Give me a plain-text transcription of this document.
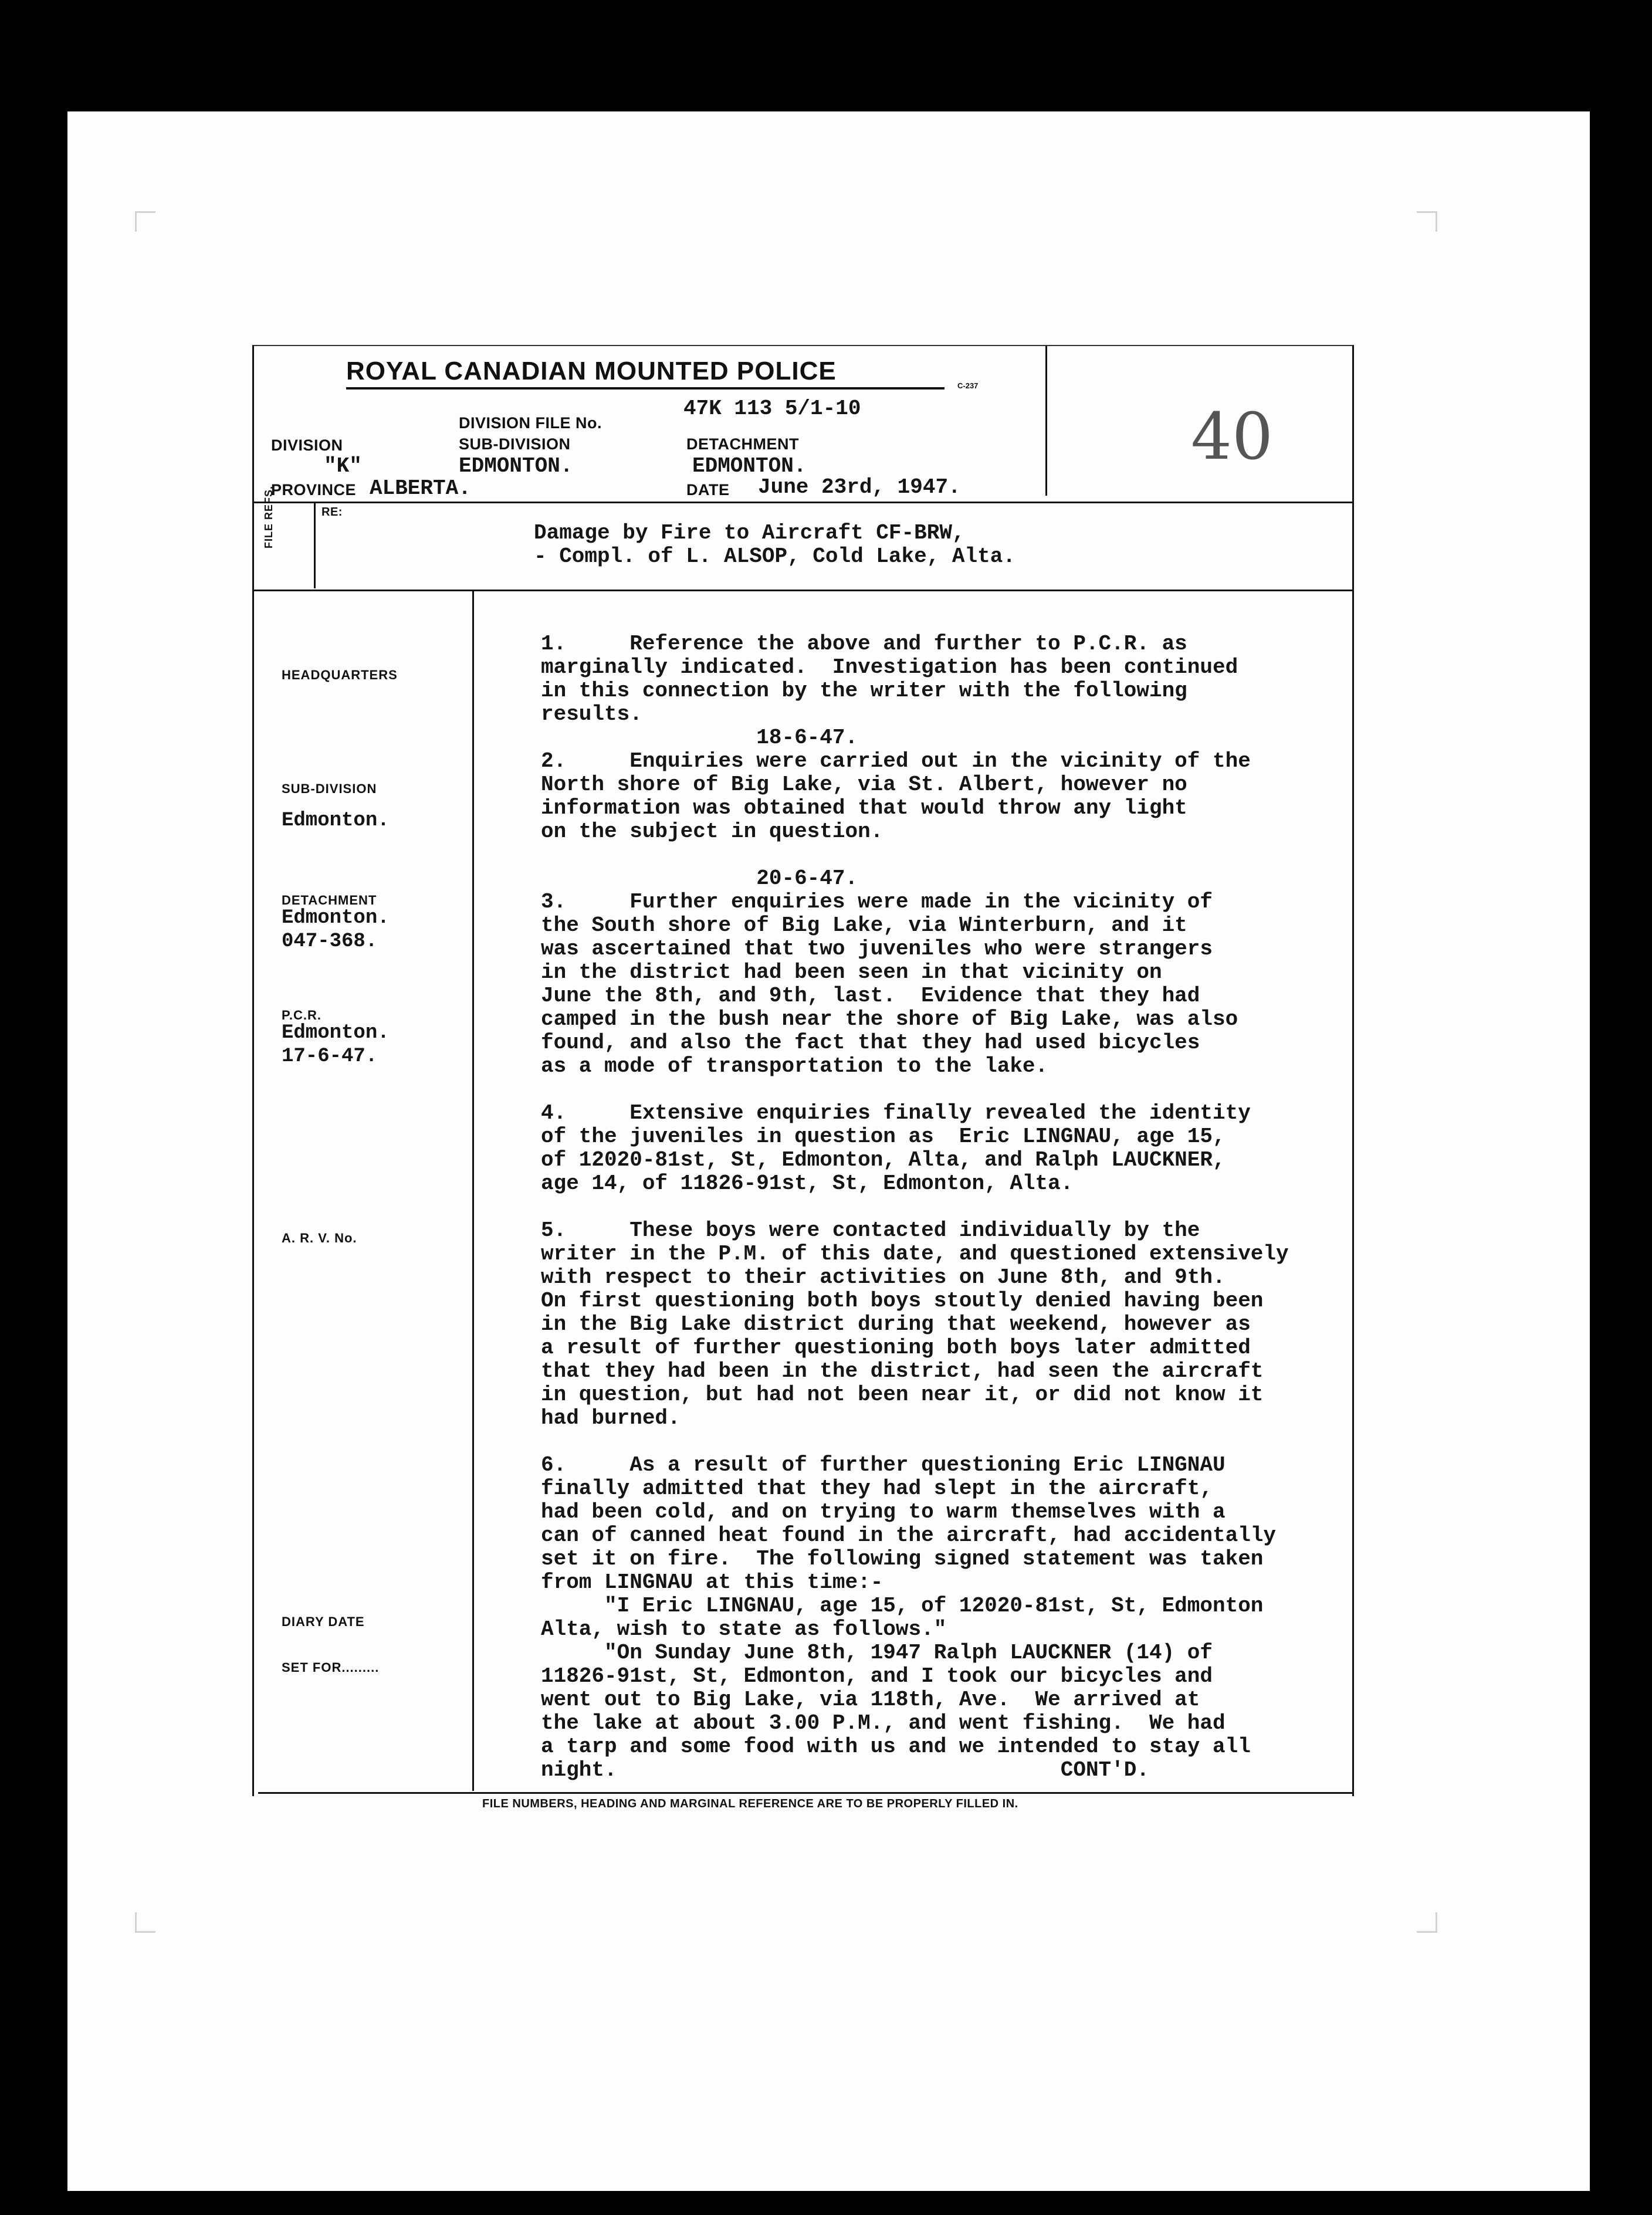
ROYAL CANADIAN MOUNTED POLICE
C-237
40
DIVISION FILE No.
47K 113 5/1-10
DIVISION	SUB-DIVISION	DETACHMENT
"K"	EDMONTON.	EDMONTON.
PROVINCE ALBERTA.	DATE June 23rd, 1947.
FILE REFS.	RE:
Damage by Fire to Aircraft CF-BRW,
- Compl. of L. ALSOP, Cold Lake, Alta.
HEADQUARTERS
SUB-DIVISION
Edmonton.
DETACHMENT
Edmonton.
047-368.
P.C.R.
Edmonton.
17-6-47.
A. R. V. No.
DIARY DATE
SET FOR.........
1.     Reference the above and further to P.C.R. as
marginally indicated.  Investigation has been continued
in this connection by the writer with the following
results.
18-6-47.
2.     Enquiries were carried out in the vicinity of the
North shore of Big Lake, via St. Albert, however no
information was obtained that would throw any light
on the subject in question.
20-6-47.
3.     Further enquiries were made in the vicinity of
the South shore of Big Lake, via Winterburn, and it
was ascertained that two juveniles who were strangers
in the district had been seen in that vicinity on
June the 8th, and 9th, last.  Evidence that they had
camped in the bush near the shore of Big Lake, was also
found, and also the fact that they had used bicycles
as a mode of transportation to the lake.
4.     Extensive enquiries finally revealed the identity
of the juveniles in question as  Eric LINGNAU, age 15,
of 12020-81st, St, Edmonton, Alta, and Ralph LAUCKNER,
age 14, of 11826-91st, St, Edmonton, Alta.
5.     These boys were contacted individually by the
writer in the P.M. of this date, and questioned extensively
with respect to their activities on June 8th, and 9th.
On first questioning both boys stoutly denied having been
in the Big Lake district during that weekend, however as
a result of further questioning both boys later admitted
that they had been in the district, had seen the aircraft
in question, but had not been near it, or did not know it
had burned.
6.     As a result of further questioning Eric LINGNAU
finally admitted that they had slept in the aircraft,
had been cold, and on trying to warm themselves with a
can of canned heat found in the aircraft, had accidentally
set it on fire.  The following signed statement was taken
from LINGNAU at this time:-
"I Eric LINGNAU, age 15, of 12020-81st, St, Edmonton
Alta, wish to state as follows."
"On Sunday June 8th, 1947 Ralph LAUCKNER (14) of
11826-91st, St, Edmonton, and I took our bicycles and
went out to Big Lake, via 118th, Ave.  We arrived at
the lake at about 3.00 P.M., and went fishing.  We had
a tarp and some food with us and we intended to stay all
night.                                   CONT'D.
FILE NUMBERS, HEADING AND MARGINAL REFERENCE ARE TO BE PROPERLY FILLED IN.
